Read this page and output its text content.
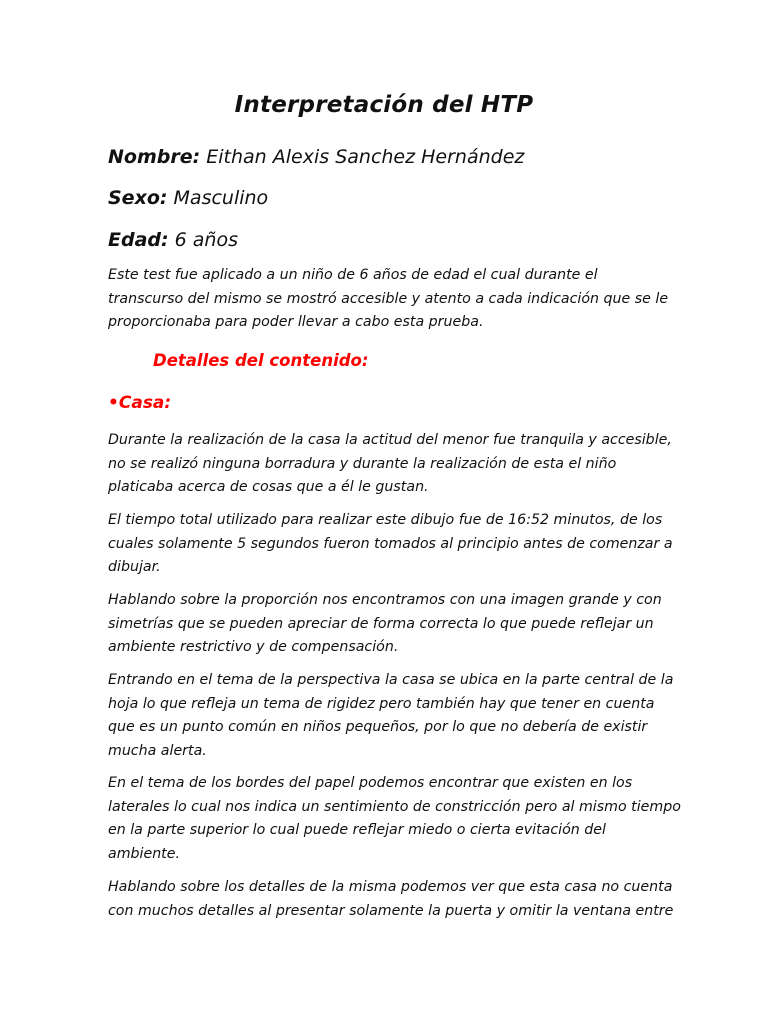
Interpretación del HTP

Nombre: Eithan Alexis Sanchez Hernández

Sexo: Masculino

Edad: 6 años

Este test fue aplicado a un niño de 6 años de edad el cual durante el
transcurso del mismo se mostró accesible y atento a cada indicación que se le
proporcionaba para poder llevar a cabo esta prueba.

Detalles del contenido:
•Casa:

Durante la realización de la casa la actitud del menor fue tranquila y accesible,
no se realizó ninguna borradura y durante la realización de esta el niño
platicaba acerca de cosas que a él le gustan.

El tiempo total utilizado para realizar este dibujo fue de 16:52 minutos, de los
cuales solamente 5 segundos fueron tomados al principio antes de comenzar a
dibujar.

Hablando sobre la proporción nos encontramos con una imagen grande y con
simetrías que se pueden apreciar de forma correcta lo que puede reflejar un
ambiente restrictivo y de compensación.

Entrando en el tema de la perspectiva la casa se ubica en la parte central de la
hoja lo que refleja un tema de rigidez pero también hay que tener en cuenta
que es un punto común en niños pequeños, por lo que no debería de existir
mucha alerta.

En el tema de los bordes del papel podemos encontrar que existen en los
laterales lo cual nos indica un sentimiento de constricción pero al mismo tiempo
en la parte superior lo cual puede reflejar miedo o cierta evitación del
ambiente.

Hablando sobre los detalles de la misma podemos ver que esta casa no cuenta
con muchos detalles al presentar solamente la puerta y omitir la ventana entre
